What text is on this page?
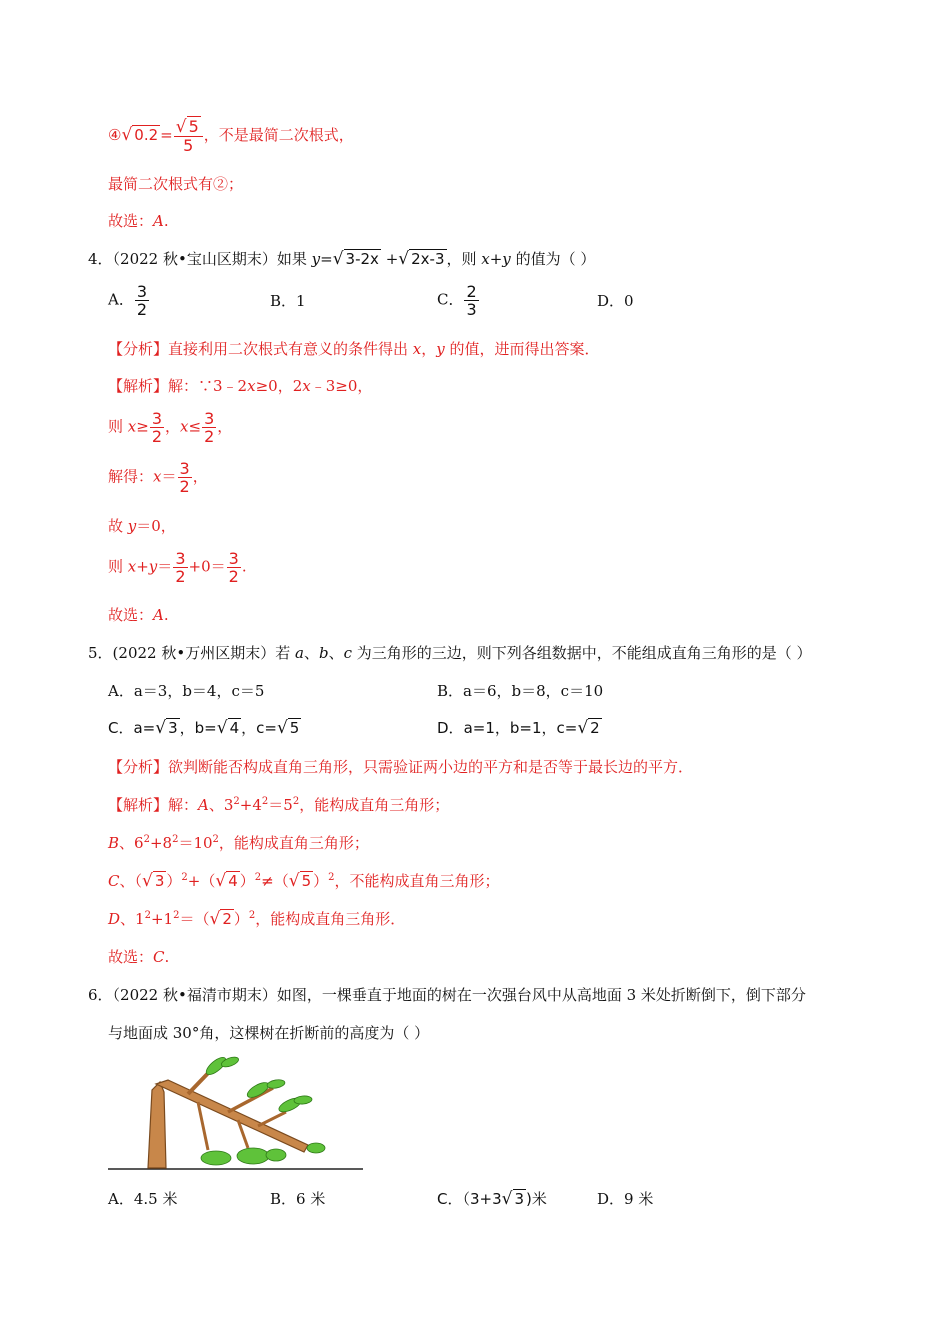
④√ $0.2 = \frac{√ 5}{5}$ ，不是最简二次根式，
最简二次根式有②；
故选：A.
4．（2022 秋•宝山区期末）如果 y=√ 3-2x +√ 2x-3 ，则 x+y 的值为（ ）
A． $\frac{3}{2}$	B．1	C． $\frac{2}{3}$	D．0
【分析】直接利用二次根式有意义的条件得出 x，y 的值，进而得出答案．
【解析】解：∵3﹣2x≥0，2x﹣3≥0，
则 $x\ge \frac{3}{2}$ ，$x\le \frac{3}{2}$ ，
解得：$x= \frac{3}{2}$ ，
故 y＝0，
则 $x+y= \frac{3}{2} +0= \frac{3}{2}$ .
故选：A.
5．(2022 秋•万州区期末）若 a、b、c 为三角形的三边，则下列各组数据中，不能组成直角三角形的是（ ）
A．a＝3，b＝4，c＝5	B．a＝6，b＝8，c＝10
C．a=√ 3 ，b=√ 4 ，c=√ 5	D．a=1，b=1，c=√ 2
【分析】欲判断能否构成直角三角形，只需验证两小边的平方和是否等于最长边的平方．
【解析】解：A、$3^2+4^2=5^2$，能构成直角三角形；
B、$6^2+8^2=10^2$，能构成直角三角形；
C、（√ 3 ）$^2$+（√ 4 ）$^2$≠（√ 5 ）$^2$，不能构成直角三角形；
D、$1^2+1^2=(√$ 2 ）$^2$，能构成直角三角形．
故选：C.
6．（2022 秋•福清市期末）如图，一棵垂直于地面的树在一次强台风中从高地面 3 米处折断倒下，倒下部分
与地面成 30°角，这棵树在折断前的高度为（ ）
A．4.5 米	B．6 米	C．（3+3√ 3 )米	D．9 米
